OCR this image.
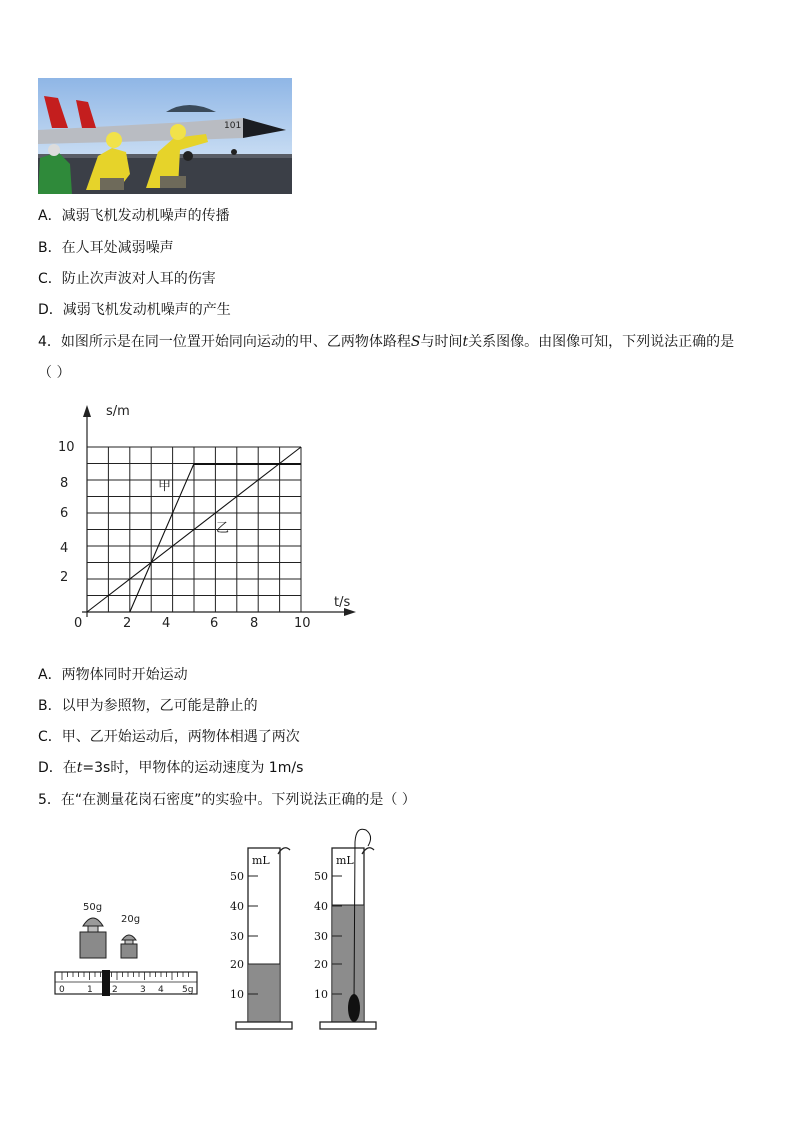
101
A．减弱飞机发动机噪声的传播
B．在人耳处减弱噪声
C．防止次声波对人耳的伤害
D．减弱飞机发动机噪声的产生
4．如图所示是在同一位置开始同向运动的甲、乙两物体路程S与时间t关系图像。由图像可知，下列说法正确的是
（ ）
s/m
t/s
10
8
6
4
2
0	2 4	6 8	10
甲
乙
A．两物体同时开始运动
B．以甲为参照物，乙可能是静止的
C．甲、乙开始运动后，两物体相遇了两次
D．在t=3s时，甲物体的运动速度为 1m/s
5．在“在测量花岗石密度”的实验中。下列说法正确的是（ ）
50g
20g
0 1 2 3 4 5g
mL
50
40
30
20
10
mL
50
40
30
20
10
